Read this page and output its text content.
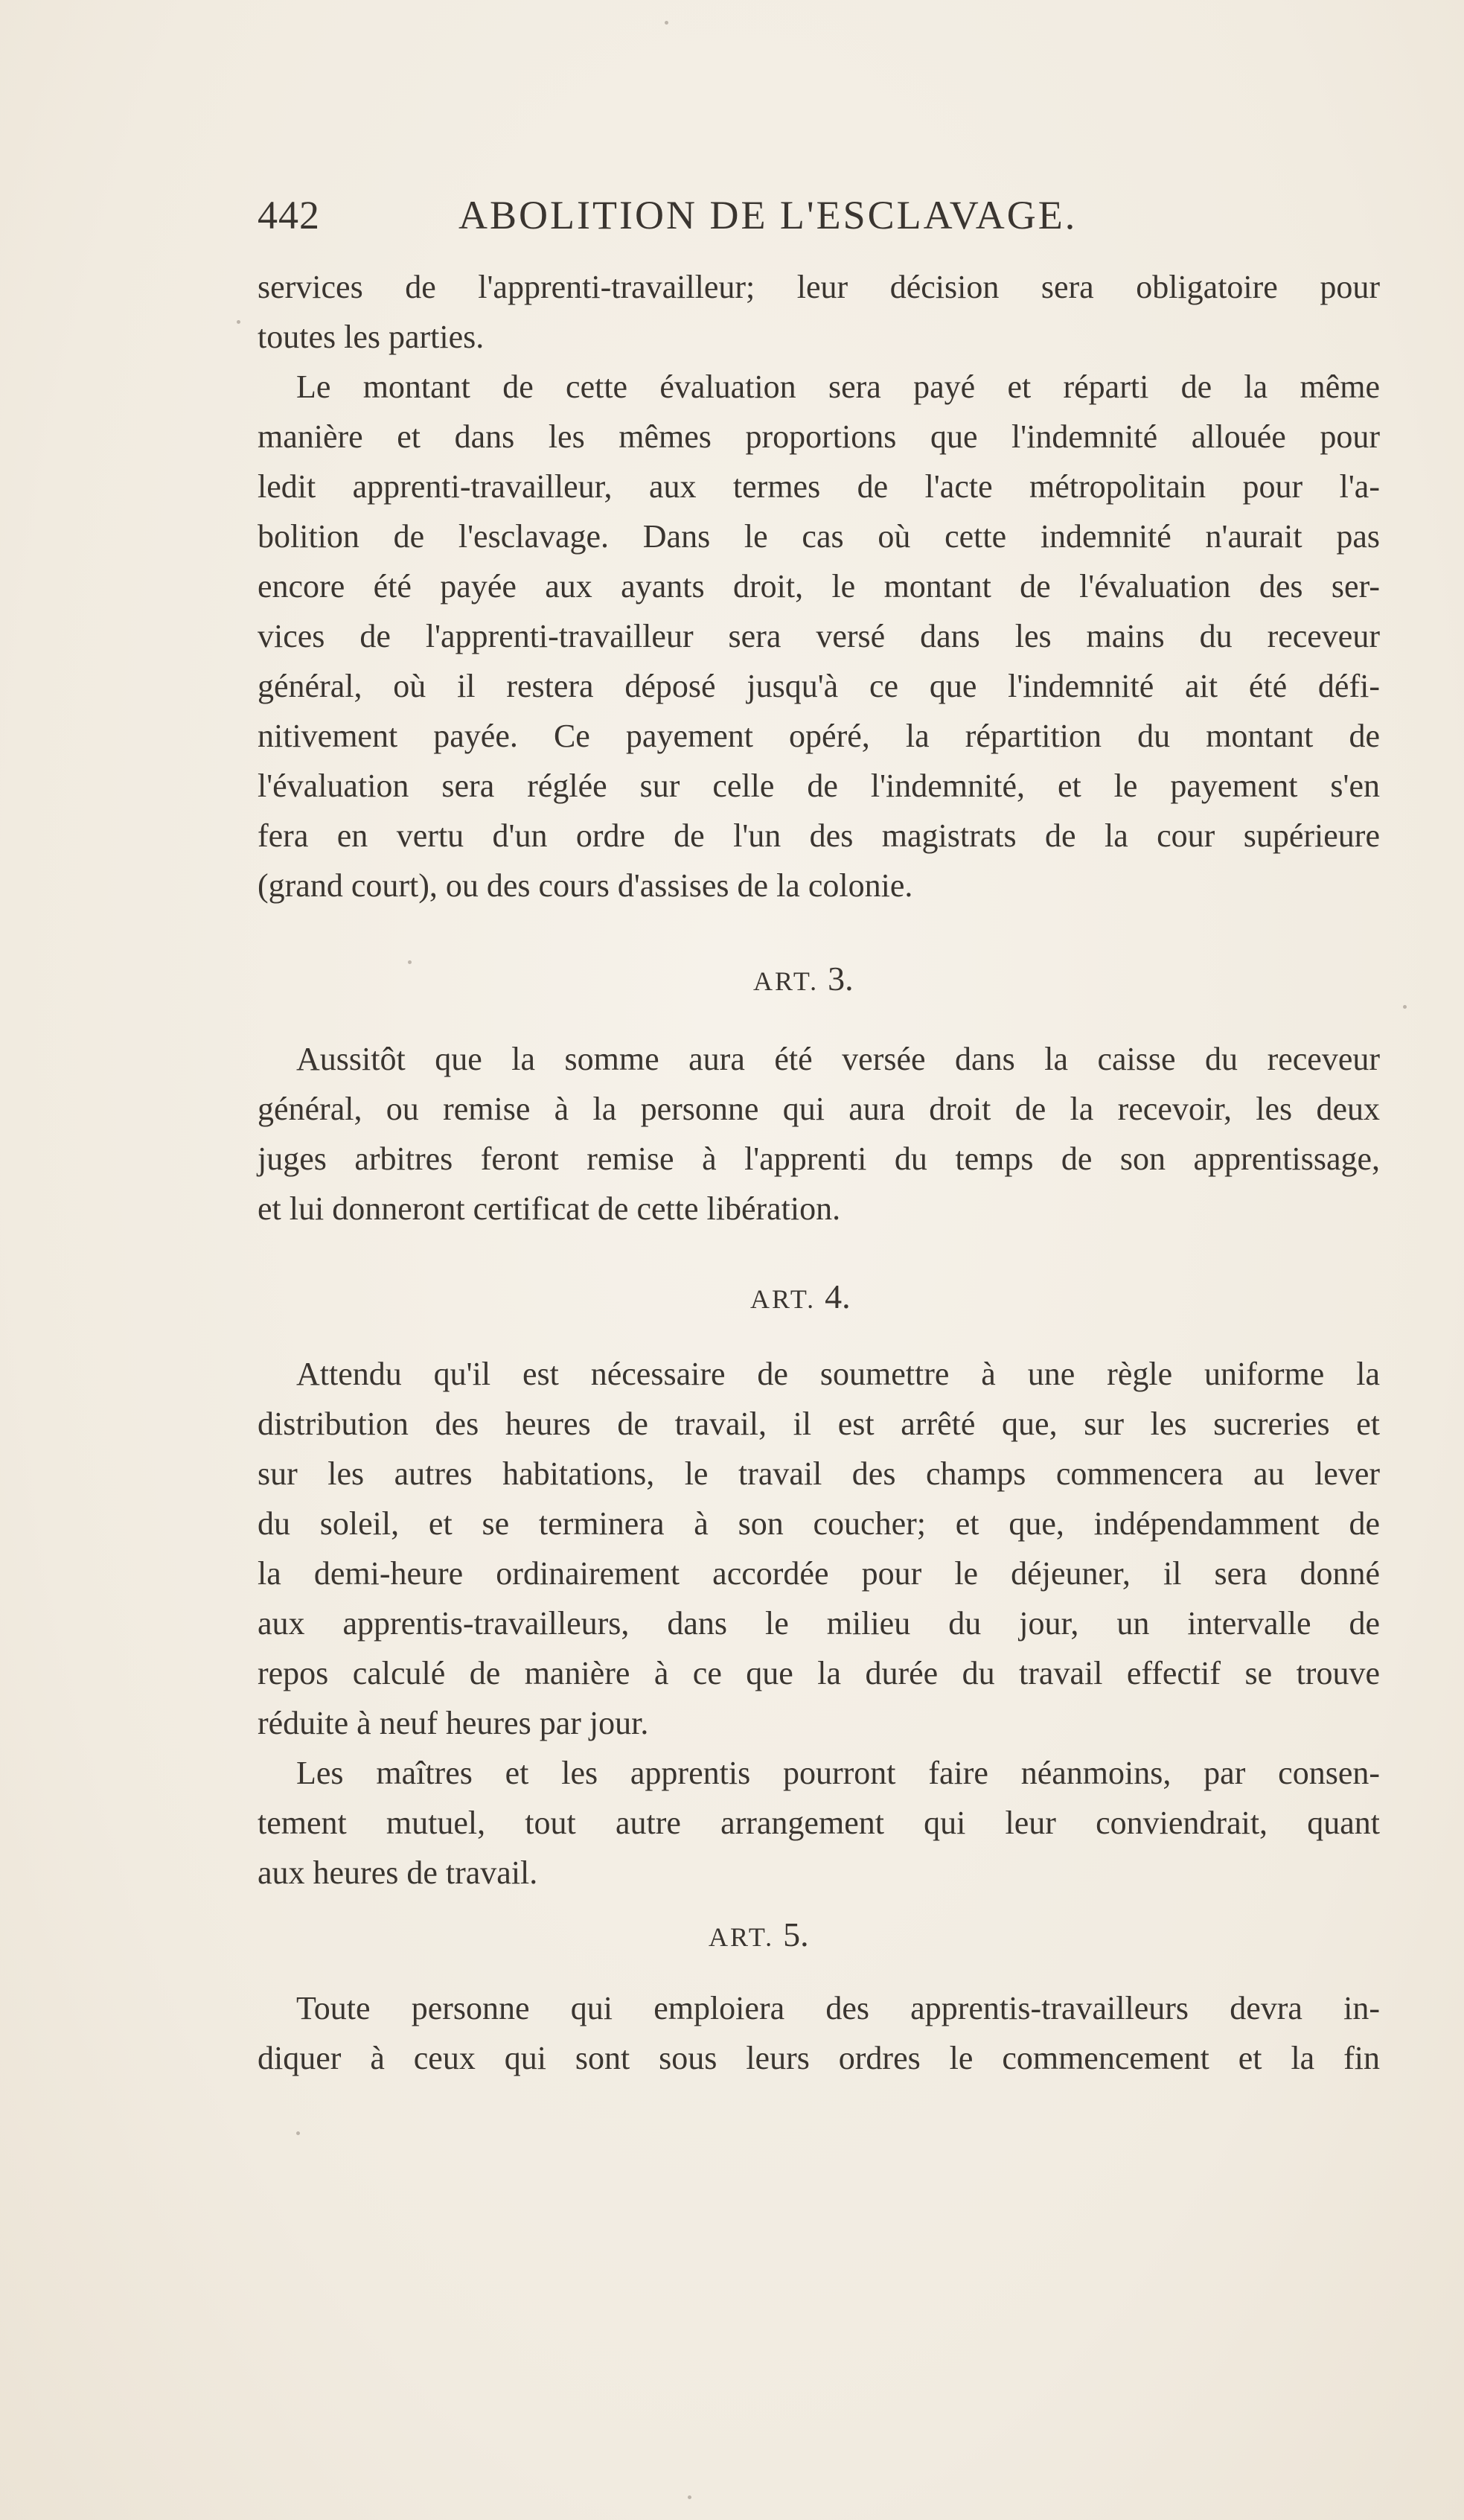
442	ABOLITION DE L'ESCLAVAGE.
services de l'apprenti-travailleur; leur décision sera obligatoire pour
toutes les parties.
Le montant de cette évaluation sera payé et réparti de la même
manière et dans les mêmes proportions que l'indemnité allouée pour
ledit apprenti-travailleur, aux termes de l'acte métropolitain pour l'a-
bolition de l'esclavage. Dans le cas où cette indemnité n'aurait pas
encore été payée aux ayants droit, le montant de l'évaluation des ser-
vices de l'apprenti-travailleur sera versé dans les mains du receveur
général, où il restera déposé jusqu'à ce que l'indemnité ait été défi-
nitivement payée. Ce payement opéré, la répartition du montant de
l'évaluation sera réglée sur celle de l'indemnité, et le payement s'en
fera en vertu d'un ordre de l'un des magistrats de la cour supérieure
(grand court), ou des cours d'assises de la colonie.
ART. 3.
Aussitôt que la somme aura été versée dans la caisse du receveur
général, ou remise à la personne qui aura droit de la recevoir, les deux
juges arbitres feront remise à l'apprenti du temps de son apprentissage,
et lui donneront certificat de cette libération.
ART. 4.
Attendu qu'il est nécessaire de soumettre à une règle uniforme la
distribution des heures de travail, il est arrêté que, sur les sucreries et
sur les autres habitations, le travail des champs commencera au lever
du soleil, et se terminera à son coucher; et que, indépendamment de
la demi-heure ordinairement accordée pour le déjeuner, il sera donné
aux apprentis-travailleurs, dans le milieu du jour, un intervalle de
repos calculé de manière à ce que la durée du travail effectif se trouve
réduite à neuf heures par jour.
Les maîtres et les apprentis pourront faire néanmoins, par consen-
tement mutuel, tout autre arrangement qui leur conviendrait, quant
aux heures de travail.
ART. 5.
Toute personne qui emploiera des apprentis-travailleurs devra in-
diquer à ceux qui sont sous leurs ordres le commencement et la fin
